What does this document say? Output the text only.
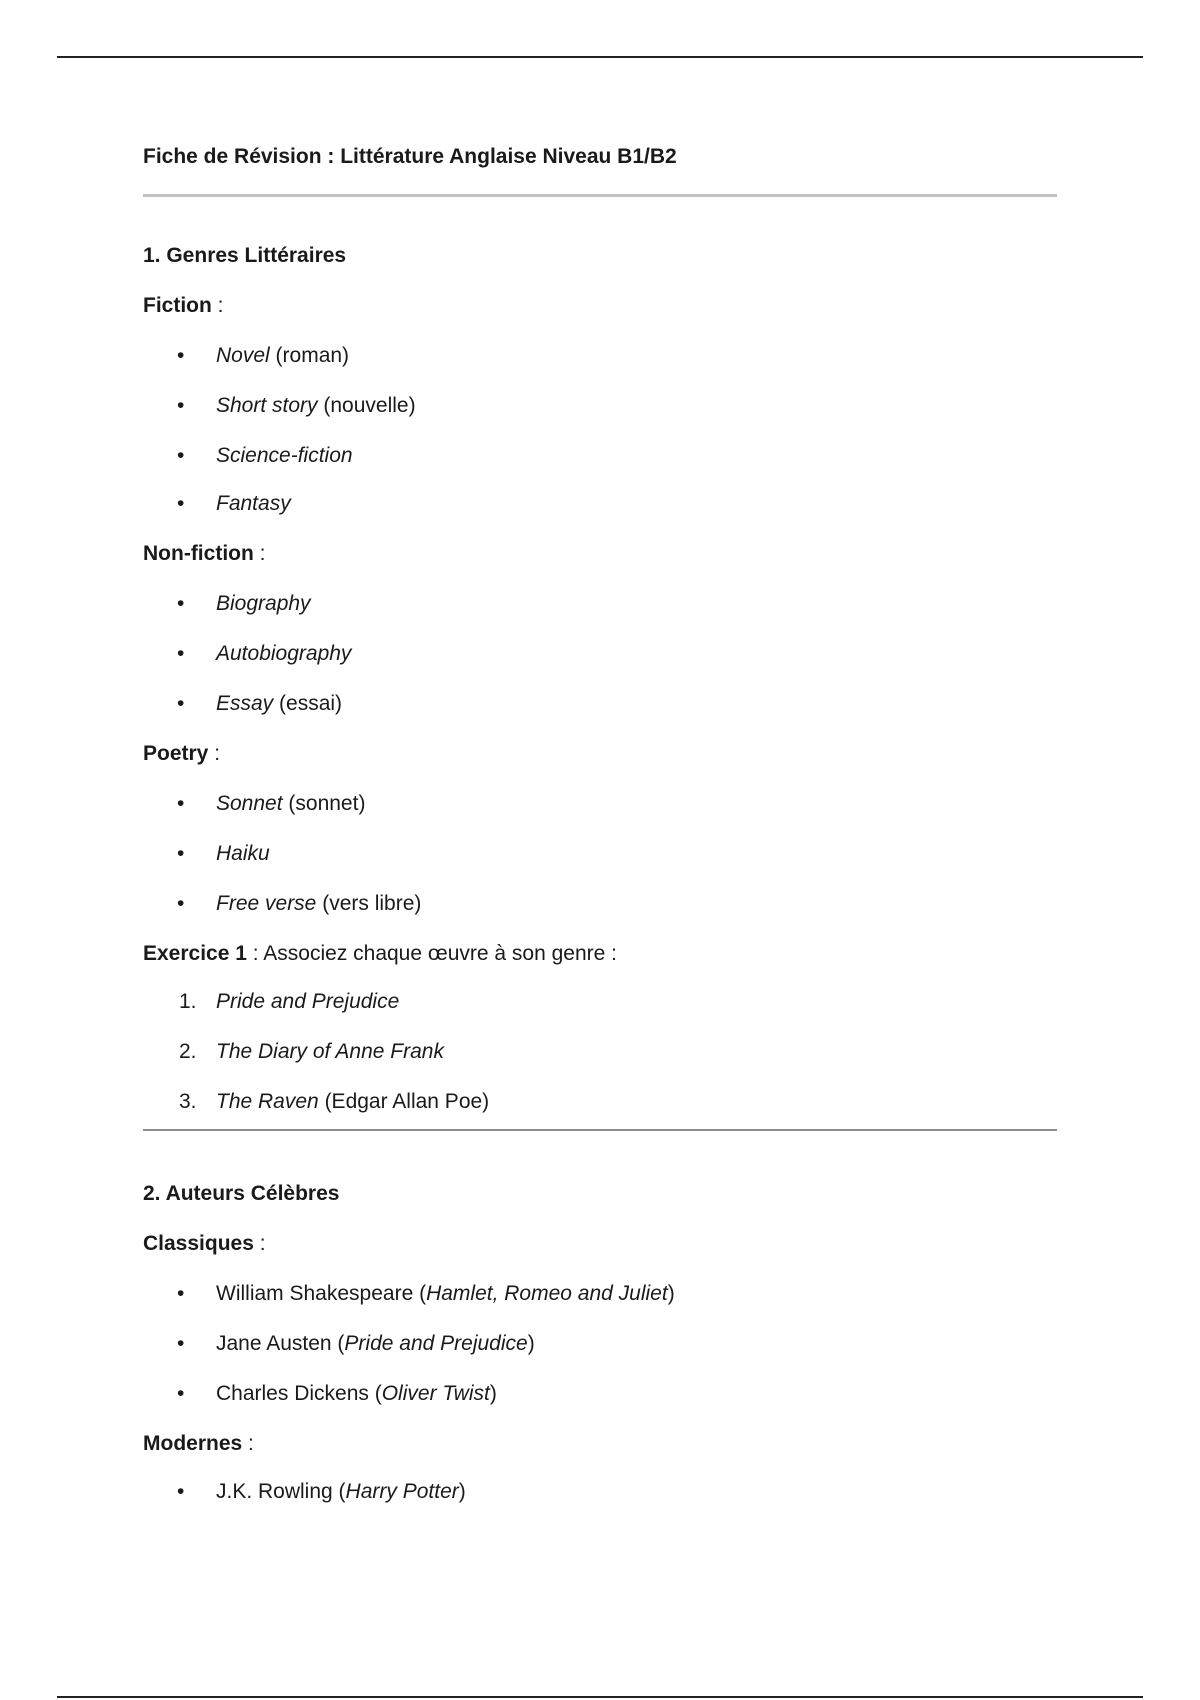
Fiche de Révision : Littérature Anglaise Niveau B1/B2

1. Genres Littéraires

Fiction :
•	Novel (roman)
•	Short story (nouvelle)
•	Science-fiction
•	Fantasy
Non-fiction :
•	Biography
•	Autobiography
•	Essay (essai)
Poetry :
•	Sonnet (sonnet)
•	Haiku
•	Free verse (vers libre)
Exercice 1 : Associez chaque œuvre à son genre :
1. Pride and Prejudice
2. The Diary of Anne Frank
3. The Raven (Edgar Allan Poe)

2. Auteurs Célèbres

Classiques :
•	William Shakespeare (Hamlet, Romeo and Juliet)
•	Jane Austen (Pride and Prejudice)
•	Charles Dickens (Oliver Twist)
Modernes :
•	J.K. Rowling (Harry Potter)
